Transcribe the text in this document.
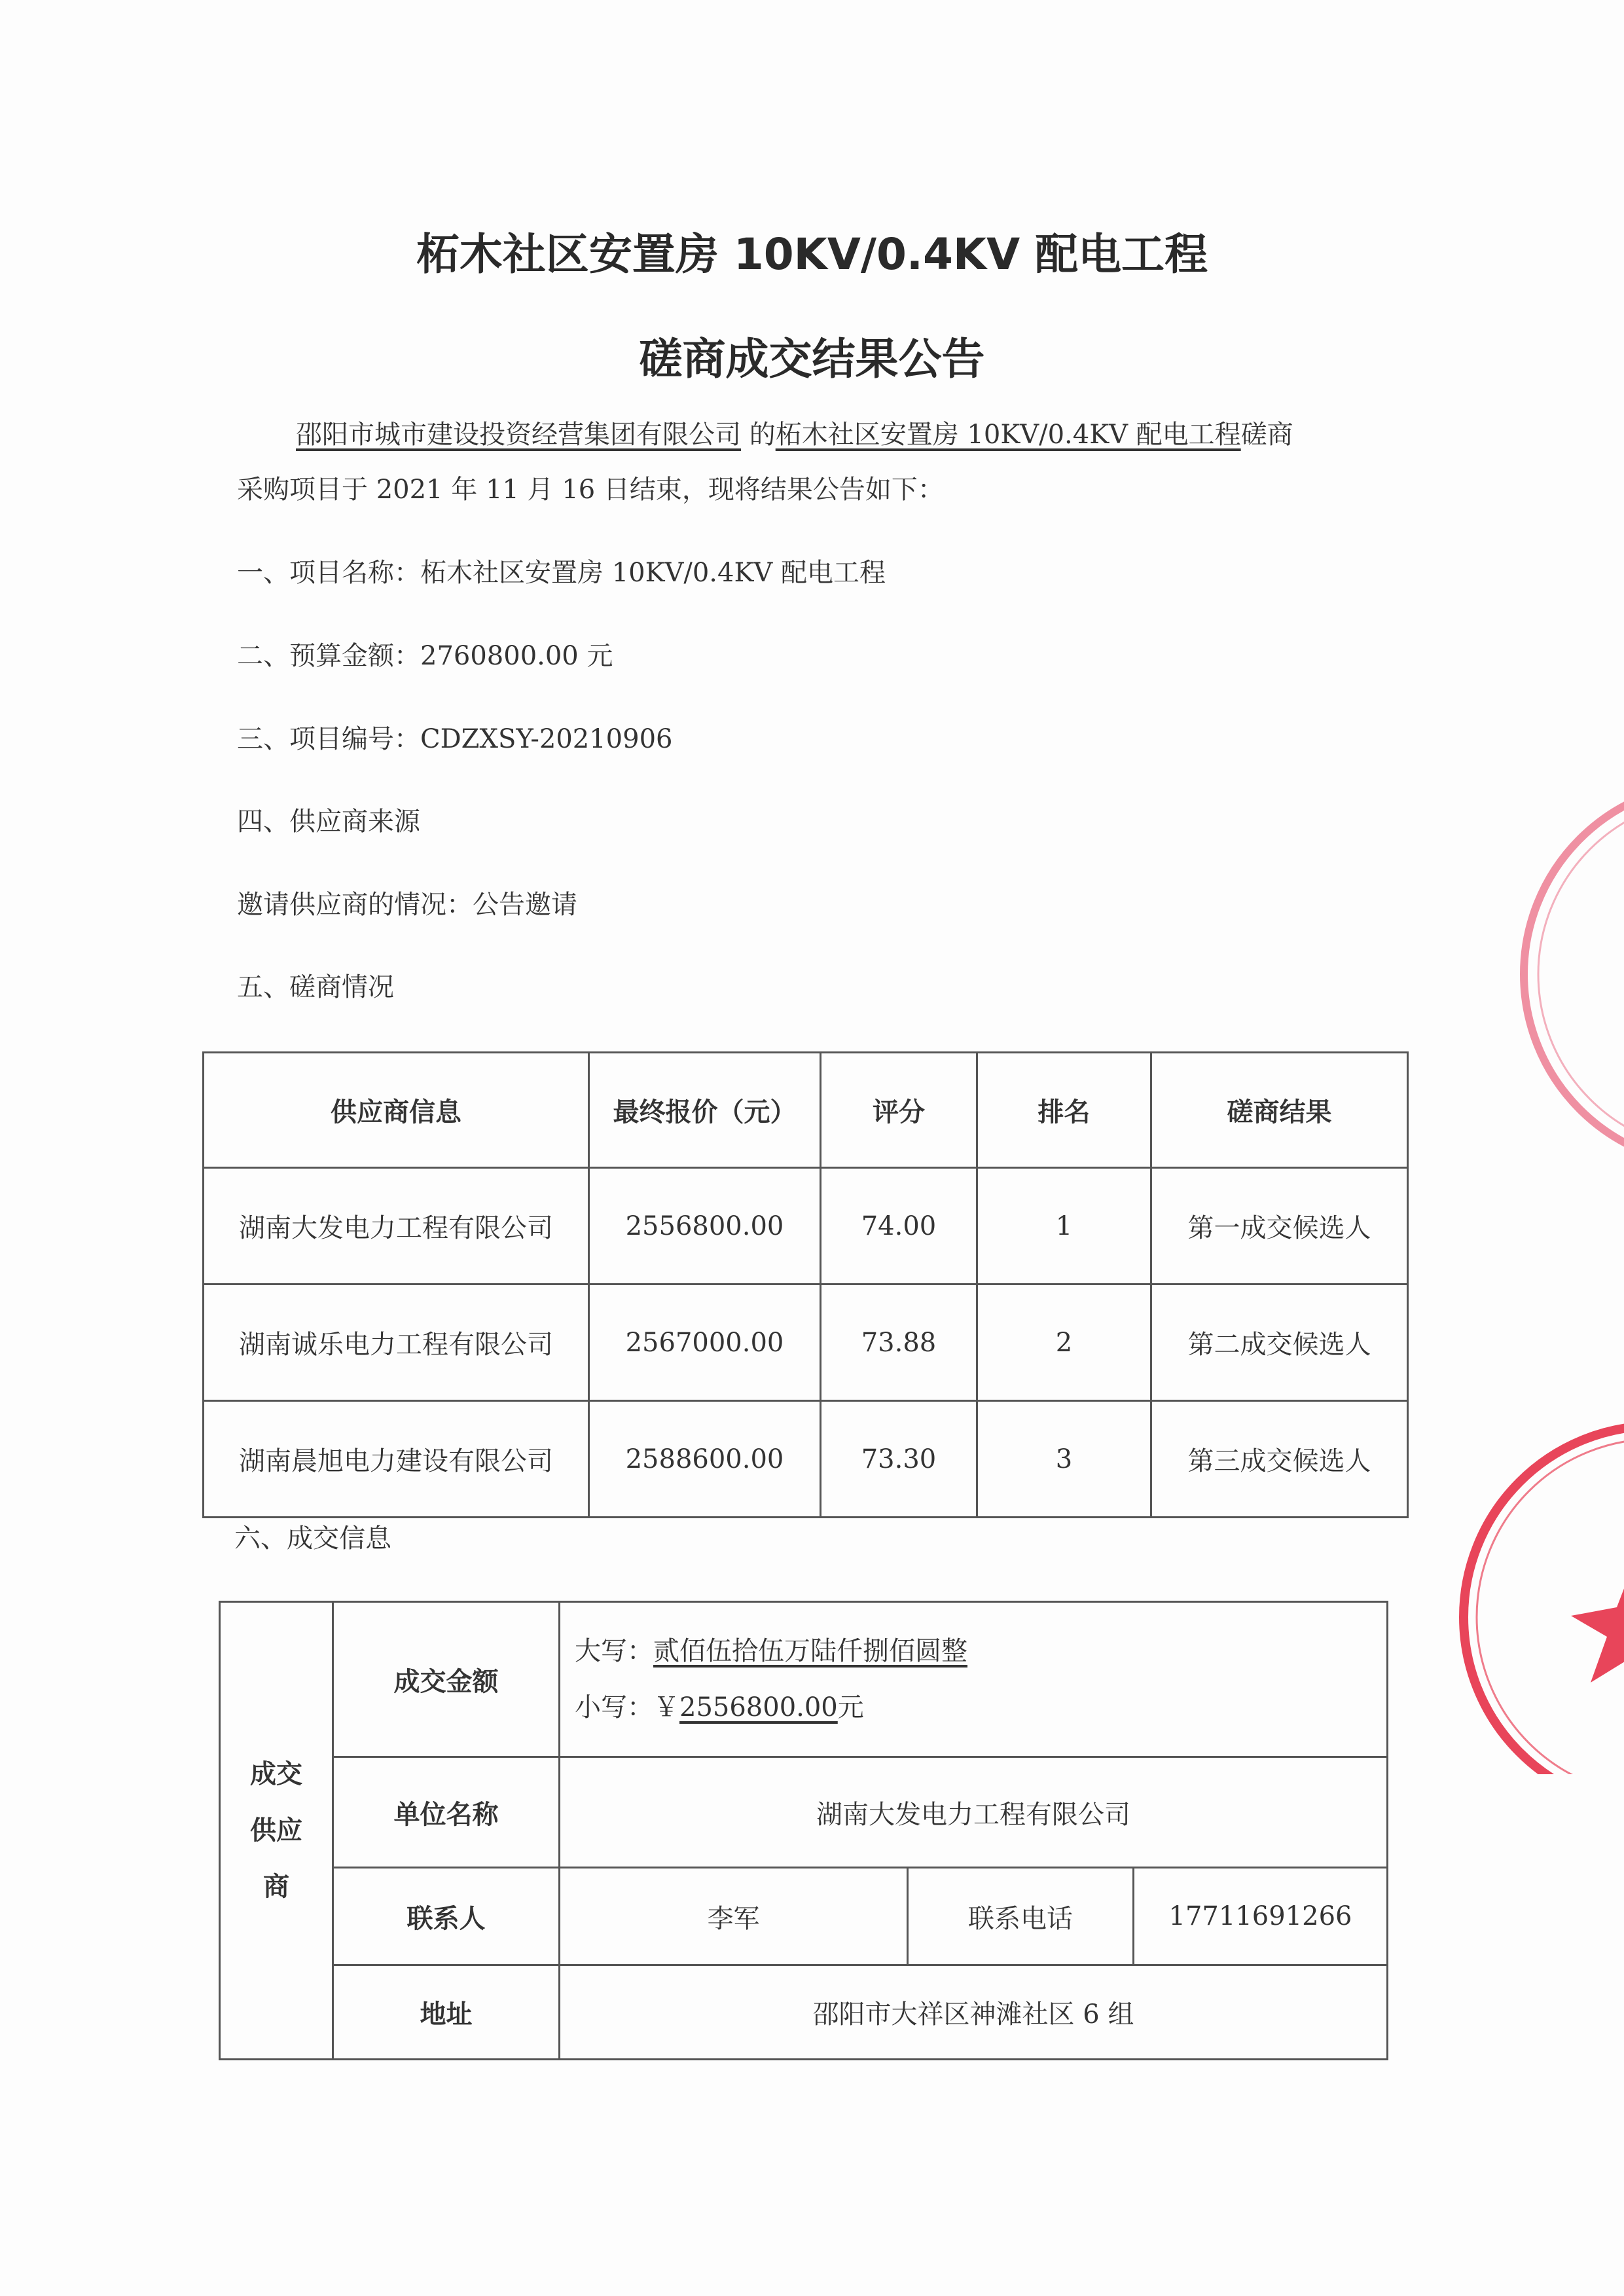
柘木社区安置房 10KV/0.4KV 配电工程
磋商成交结果公告
邵阳市城市建设投资经营集团有限公司 的柘木社区安置房 10KV/0.4KV 配电工程磋商
采购项目于 2021 年 11 月 16 日结束，现将结果公告如下：
一、项目名称：柘木社区安置房 10KV/0.4KV 配电工程
二、预算金额：2760800.00 元
三、项目编号：CDZXSY-20210906
四、供应商来源
邀请供应商的情况：公告邀请
五、磋商情况
供应商信息	最终报价（元）	评分	排名	磋商结果
湖南大发电力工程有限公司	2556800.00	74.00	1	第一成交候选人
湖南诚乐电力工程有限公司	2567000.00	73.88	2	第二成交候选人
湖南晨旭电力建设有限公司	2588600.00	73.30	3	第三成交候选人
六、成交信息
成交
供应
商	成交金额	大写：贰佰伍拾伍万陆仟捌佰圆整
小写：￥2556800.00元		
	单位名称	湖南大发电力工程有限公司		
	联系人	李军	联系电话	17711691266
	地址	邵阳市大祥区神滩社区 6 组		
